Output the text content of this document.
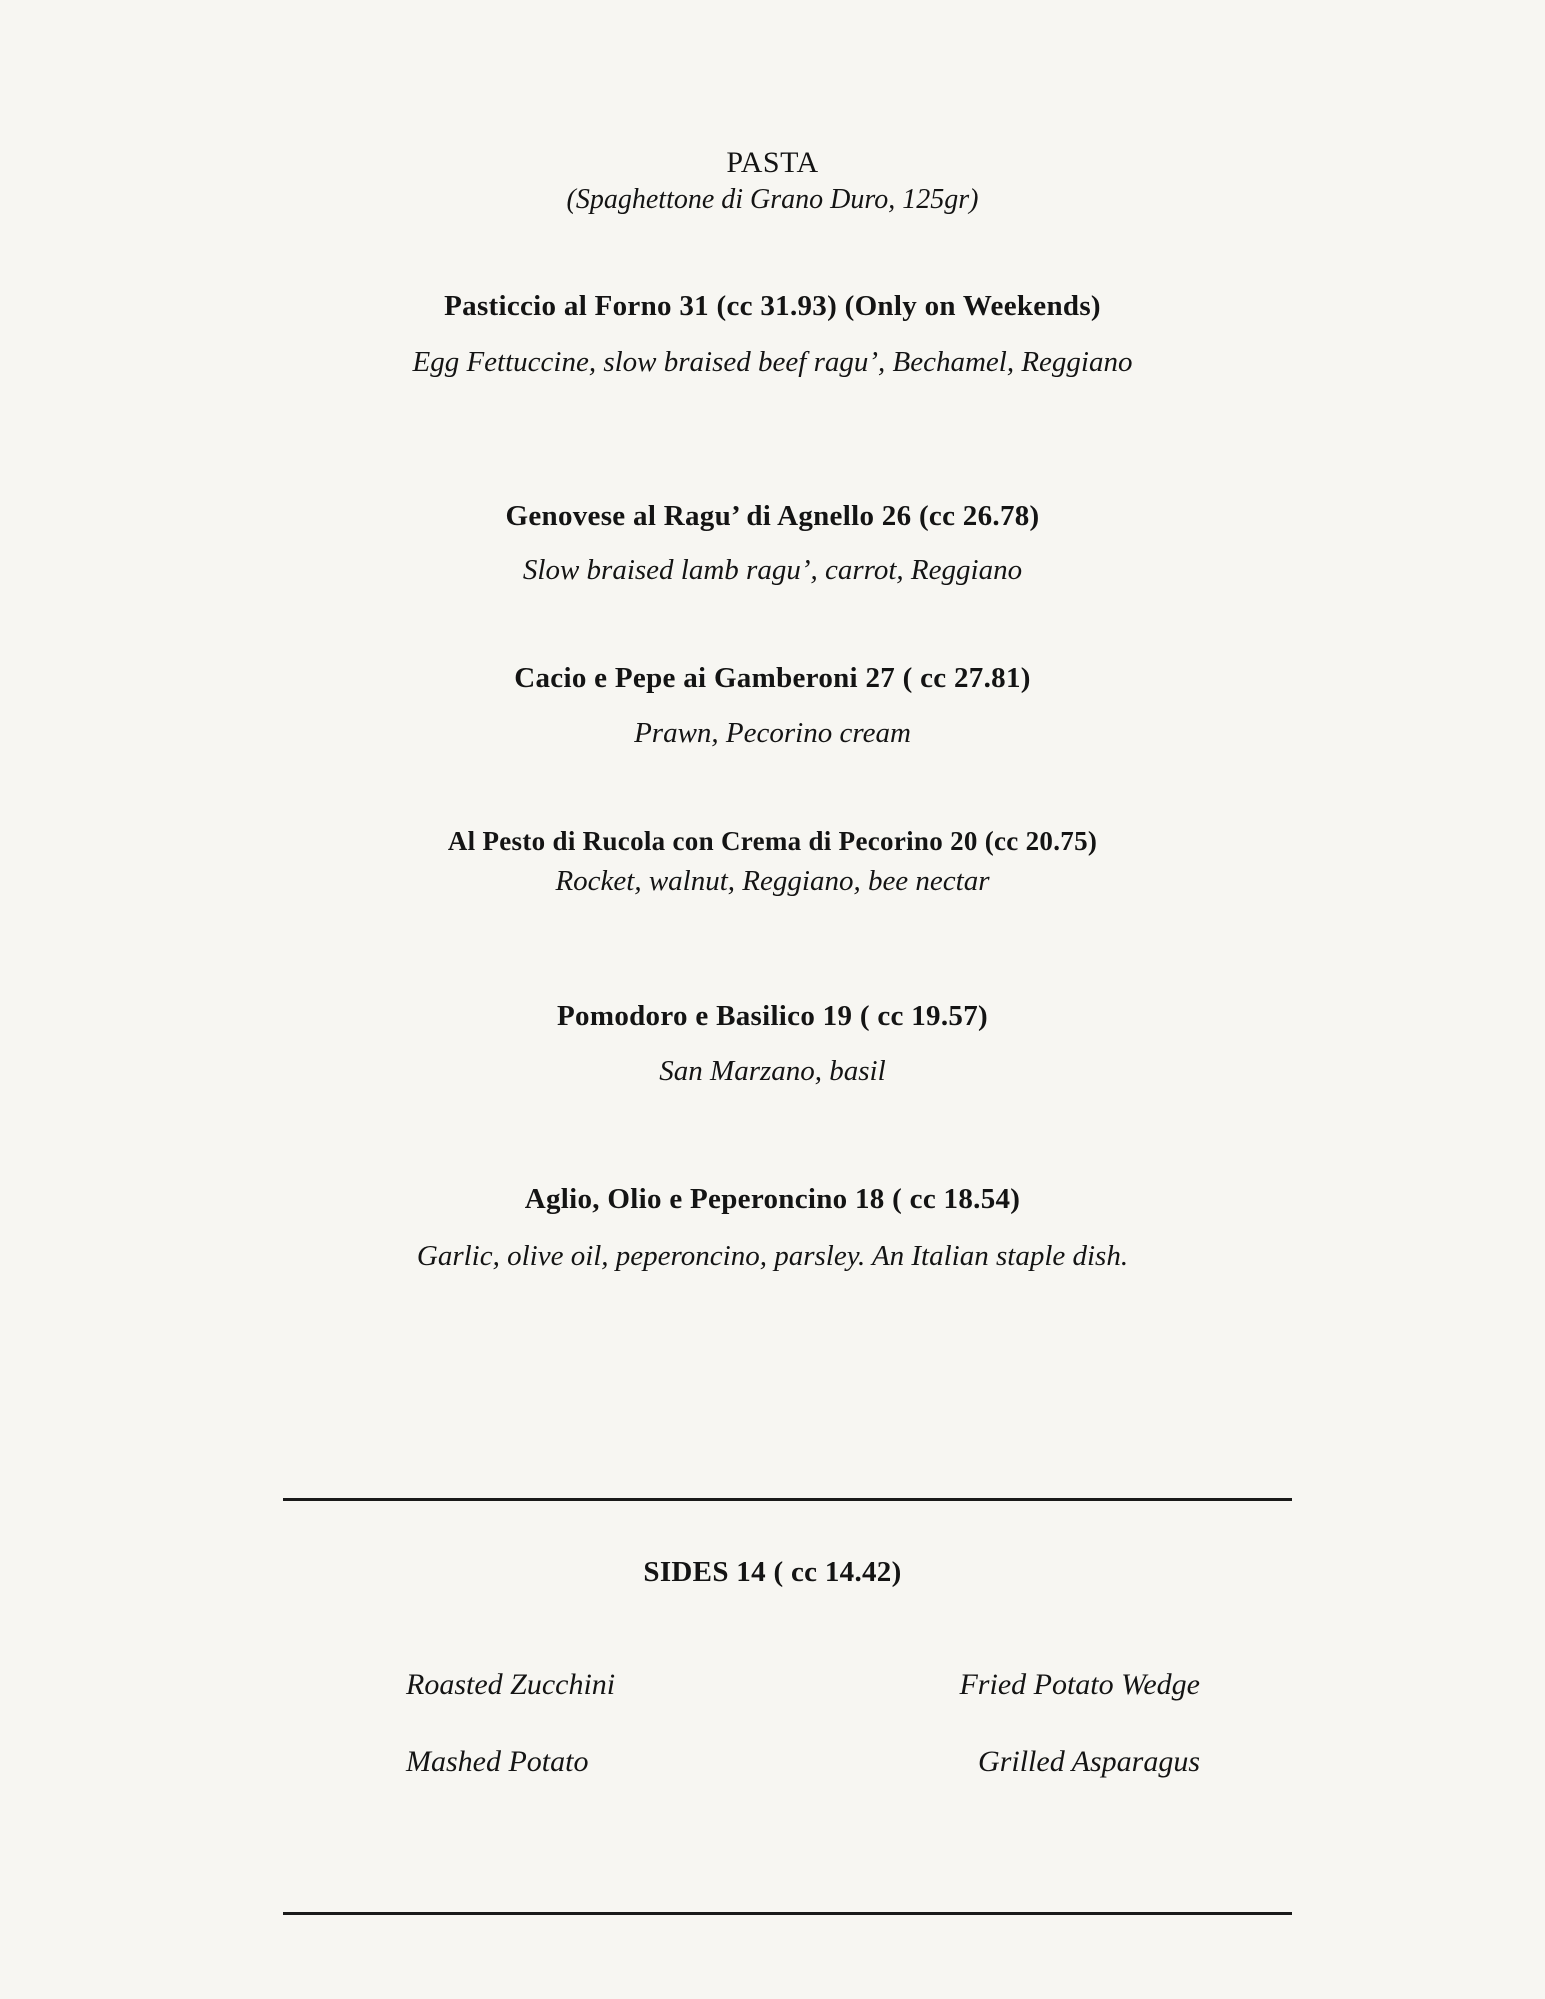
PASTA
(Spaghettone di Grano Duro, 125gr)
Pasticcio al Forno 31 (cc 31.93) (Only on Weekends)
Egg Fettuccine, slow braised beef ragu’, Bechamel, Reggiano
Genovese al Ragu’ di Agnello 26 (cc 26.78)
Slow braised lamb ragu’, carrot, Reggiano
Cacio e Pepe ai Gamberoni 27 ( cc 27.81)
Prawn, Pecorino cream
Al Pesto di Rucola con Crema di Pecorino 20 (cc 20.75)
Rocket, walnut, Reggiano, bee nectar
Pomodoro e Basilico 19 ( cc 19.57)
San Marzano, basil
Aglio, Olio e Peperoncino 18 ( cc 18.54)
Garlic, olive oil, peperoncino, parsley. An Italian staple dish.
SIDES 14 ( cc 14.42)
Roasted Zucchini	Fried Potato Wedge
Mashed Potato	Grilled Asparagus
